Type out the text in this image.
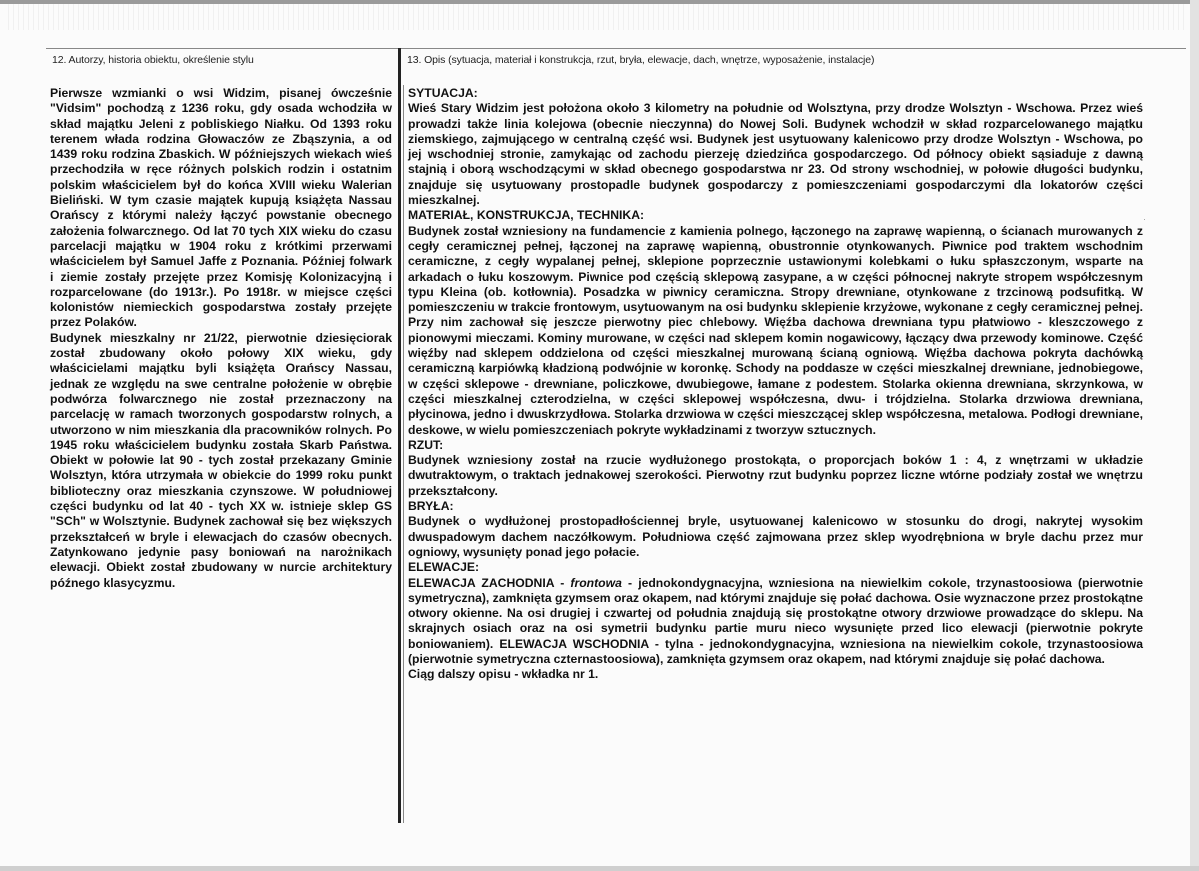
12. Autorzy, historia obiektu, określenie stylu	13. Opis (sytuacja, materiał i konstrukcja, rzut, bryła, elewacje, dach, wnętrze, wyposażenie, instalacje)

Pierwsze wzmianki o wsi Widzim, pisanej ówcześnie "Vidsim" pochodzą z 1236 roku, gdy osada wchodziła w skład majątku Jeleni z pobliskiego Niałku. Od 1393 roku terenem włada rodzina Głowaczów ze Zbąszynia, a od 1439 roku rodzina Zbaskich. W późniejszych wiekach wieś przechodziła w ręce różnych polskich rodzin i ostatnim polskim właścicielem był do końca XVIII wieku Walerian Bieliński. W tym czasie majątek kupują książęta Nassau Orańscy z którymi należy łączyć powstanie obecnego założenia folwarcznego. Od lat 70 tych XIX wieku do czasu parcelacji majątku w 1904 roku z krótkimi przerwami właścicielem był Samuel Jaffe z Poznania. Później folwark i ziemie zostały przejęte przez Komisję Kolonizacyjną i rozparcelowane (do 1913r.). Po 1918r. w miejsce części kolonistów niemieckich gospodarstwa zostały przejęte przez Polaków.

Budynek mieszkalny nr 21/22, pierwotnie dziesięciorak został zbudowany około połowy XIX wieku, gdy właścicielami majątku byli książęta Orańscy Nassau, jednak ze względu na swe centralne położenie w obrębie podwórza folwarcznego nie został przeznaczony na parcelację w ramach tworzonych gospodarstw rolnych, a utworzono w nim mieszkania dla pracowników rolnych. Po 1945 roku właścicielem budynku została Skarb Państwa. Obiekt w połowie lat 90 - tych został przekazany Gminie Wolsztyn, która utrzymała w obiekcie do 1999 roku punkt biblioteczny oraz mieszkania czynszowe. W południowej części budynku od lat 40 - tych XX w. istnieje sklep GS "SCh" w Wolsztynie. Budynek zachował się bez większych przekształceń w bryle i elewacjach do czasów obecnych. Zatynkowano jedynie pasy boniowań na narożnikach elewacji. Obiekt został zbudowany w nurcie architektury późnego klasycyzmu.

SYTUACJA:

Wieś Stary Widzim jest położona około 3 kilometry na południe od Wolsztyna, przy drodze Wolsztyn - Wschowa. Przez wieś prowadzi także linia kolejowa (obecnie nieczynna) do Nowej Soli. Budynek wchodził w skład rozparcelowanego majątku ziemskiego, zajmującego w centralną część wsi. Budynek jest usytuowany kalenicowo przy drodze Wolsztyn - Wschowa, po jej wschodniej stronie, zamykając od zachodu pierzeję dziedzińca gospodarczego. Od północy obiekt sąsiaduje z dawną stajnią i oborą wschodzącymi w skład obecnego gospodarstwa nr 23. Od strony wschodniej, w połowie długości budynku, znajduje się usytuowany prostopadle budynek gospodarczy z pomieszczeniami gospodarczymi dla lokatorów części mieszkalnej.

MATERIAŁ, KONSTRUKCJA, TECHNIKA:

Budynek został wzniesiony na fundamencie z kamienia polnego, łączonego na zaprawę wapienną, o ścianach murowanych z cegły ceramicznej pełnej, łączonej na zaprawę wapienną, obustronnie otynkowanych. Piwnice pod traktem wschodnim ceramiczne, z cegły wypalanej pełnej, sklepione poprzecznie ustawionymi kolebkami o łuku spłaszczonym, wsparte na arkadach o łuku koszowym. Piwnice pod częścią sklepową zasypane, a w części północnej nakryte stropem współczesnym typu Kleina (ob. kotłownia). Posadzka w piwnicy ceramiczna. Stropy drewniane, otynkowane z trzcinową podsufitką. W pomieszczeniu w trakcie frontowym, usytuowanym na osi budynku sklepienie krzyżowe, wykonane z cegły ceramicznej pełnej. Przy nim zachował się jeszcze pierwotny piec chlebowy. Więźba dachowa drewniana typu płatwiowo - kleszczowego z pionowymi mieczami. Kominy murowane, w części nad sklepem komin nogawicowy, łączący dwa przewody kominowe. Część więźby nad sklepem oddzielona od części mieszkalnej murowaną ścianą ogniową. Więźba dachowa pokryta dachówką ceramiczną karpiówką kładzioną podwójnie w koronkę. Schody na poddasze w części mieszkalnej drewniane, jednobiegowe, w części sklepowe - drewniane, policzkowe, dwubiegowe, łamane z podestem. Stolarka okienna drewniana, skrzynkowa, w części mieszkalnej czterodzielna, w części sklepowej współczesna, dwu- i trójdzielna. Stolarka drzwiowa drewniana, płycinowa, jedno i dwuskrzydłowa. Stolarka drzwiowa w części mieszczącej sklep współczesna, metalowa. Podłogi drewniane, deskowe, w wielu pomieszczeniach pokryte wykładzinami z tworzyw sztucznych.

RZUT:

Budynek wzniesiony został na rzucie wydłużonego prostokąta, o proporcjach boków 1 : 4, z wnętrzami w układzie dwutraktowym, o traktach jednakowej szerokości. Pierwotny rzut budynku poprzez liczne wtórne podziały został we wnętrzu przekształcony.

BRYŁA:

Budynek o wydłużonej prostopadłościennej bryle, usytuowanej kalenicowo w stosunku do drogi, nakrytej wysokim dwuspadowym dachem naczółkowym. Południowa część zajmowana przez sklep wyodrębniona w bryle dachu przez mur ogniowy, wysunięty ponad jego połacie.

ELEWACJE:

ELEWACJA ZACHODNIA - frontowa - jednokondygnacyjna, wzniesiona na niewielkim cokole, trzynastoosiowa (pierwotnie symetryczna), zamknięta gzymsem oraz okapem, nad którymi znajduje się połać dachowa. Osie wyznaczone przez prostokątne otwory okienne. Na osi drugiej i czwartej od południa znajdują się prostokątne otwory drzwiowe prowadzące do sklepu. Na skrajnych osiach oraz na osi symetrii budynku partie muru nieco wysunięte przed lico elewacji (pierwotnie pokryte boniowaniem). ELEWACJA WSCHODNIA - tylna - jednokondygnacyjna, wzniesiona na niewielkim cokole, trzynastoosiowa (pierwotnie symetryczna czternastoosiowa), zamknięta gzymsem oraz okapem, nad którymi znajduje się połać dachowa.

Ciąg dalszy opisu - wkładka nr 1.

·
